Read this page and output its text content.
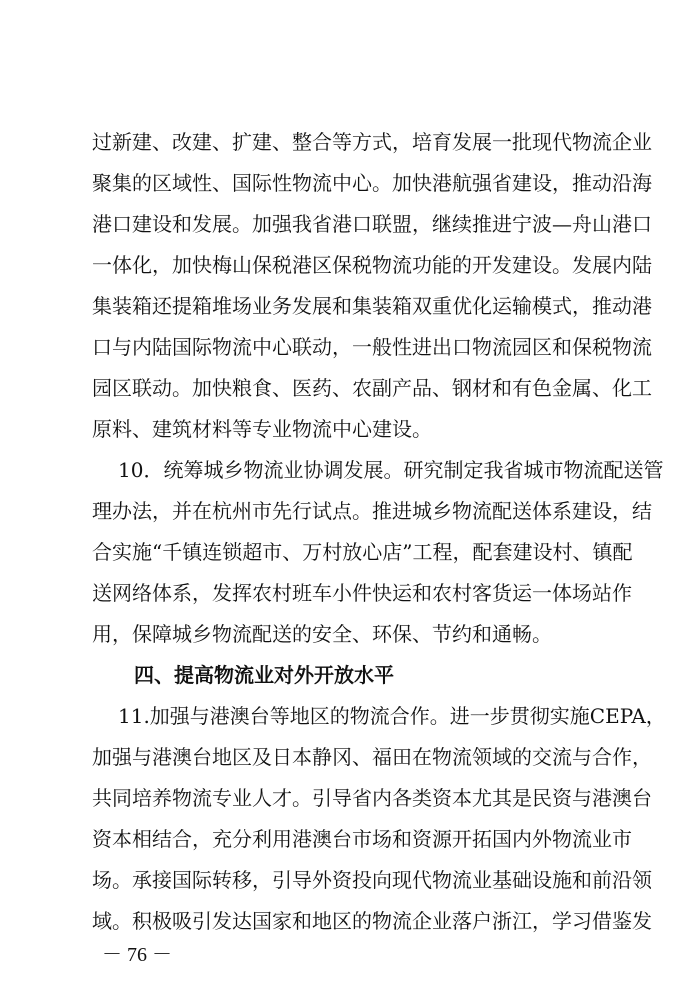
过新建、改建、扩建、整合等方式，培育发展一批现代物流企业
聚集的区域性、国际性物流中心。加快港航强省建设，推动沿海
港口建设和发展。加强我省港口联盟，继续推进宁波—舟山港口
一体化，加快梅山保税港区保税物流功能的开发建设。发展内陆
集装箱还提箱堆场业务发展和集装箱双重优化运输模式，推动港
口与内陆国际物流中心联动，一般性进出口物流园区和保税物流
园区联动。加快粮食、医药、农副产品、钢材和有色金属、化工
原料、建筑材料等专业物流中心建设。
10．统筹城乡物流业协调发展。研究制定我省城市物流配送管
理办法，并在杭州市先行试点。推进城乡物流配送体系建设，结
合实施“千镇连锁超市、万村放心店”工程，配套建设村、镇配
送网络体系，发挥农村班车小件快运和农村客货运一体场站作
用，保障城乡物流配送的安全、环保、节约和通畅。
四、提高物流业对外开放水平
11.加强与港澳台等地区的物流合作。进一步贯彻实施CEPA，
加强与港澳台地区及日本静冈、福田在物流领域的交流与合作，
共同培养物流专业人才。引导省内各类资本尤其是民资与港澳台
资本相结合，充分利用港澳台市场和资源开拓国内外物流业市
场。承接国际转移，引导外资投向现代物流业基础设施和前沿领
域。积极吸引发达国家和地区的物流企业落户浙江，学习借鉴发
－ 76 －
